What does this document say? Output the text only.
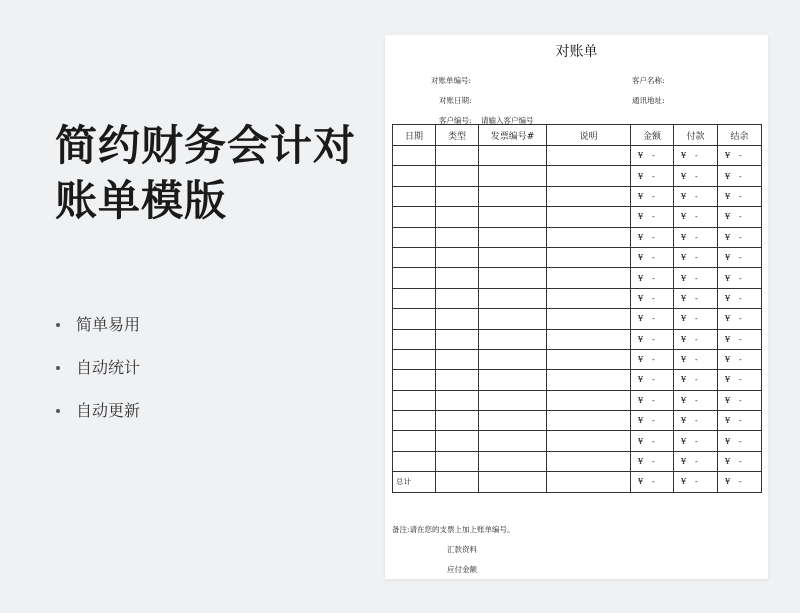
简约财务会计对
账单模版
简单易用
自动统计
自动更新
对账单
对账单编号:	客户名称:
对账日期:	通讯地址:
客户编号: 请输入客户编号
日期	类型	发票编号#	说明	金额	付款	结余
				¥ -	¥ -	¥ -
				¥ -	¥ -	¥ -
				¥ -	¥ -	¥ -
				¥ -	¥ -	¥ -
				¥ -	¥ -	¥ -
				¥ -	¥ -	¥ -
				¥ -	¥ -	¥ -
				¥ -	¥ -	¥ -
				¥ -	¥ -	¥ -
				¥ -	¥ -	¥ -
				¥ -	¥ -	¥ -
				¥ -	¥ -	¥ -
				¥ -	¥ -	¥ -
				¥ -	¥ -	¥ -
				¥ -	¥ -	¥ -
				¥ -	¥ -	¥ -
总计				¥ -	¥ -	¥ -
备注:请在您的支票上加上账单编号。
汇款资料
应付金额
